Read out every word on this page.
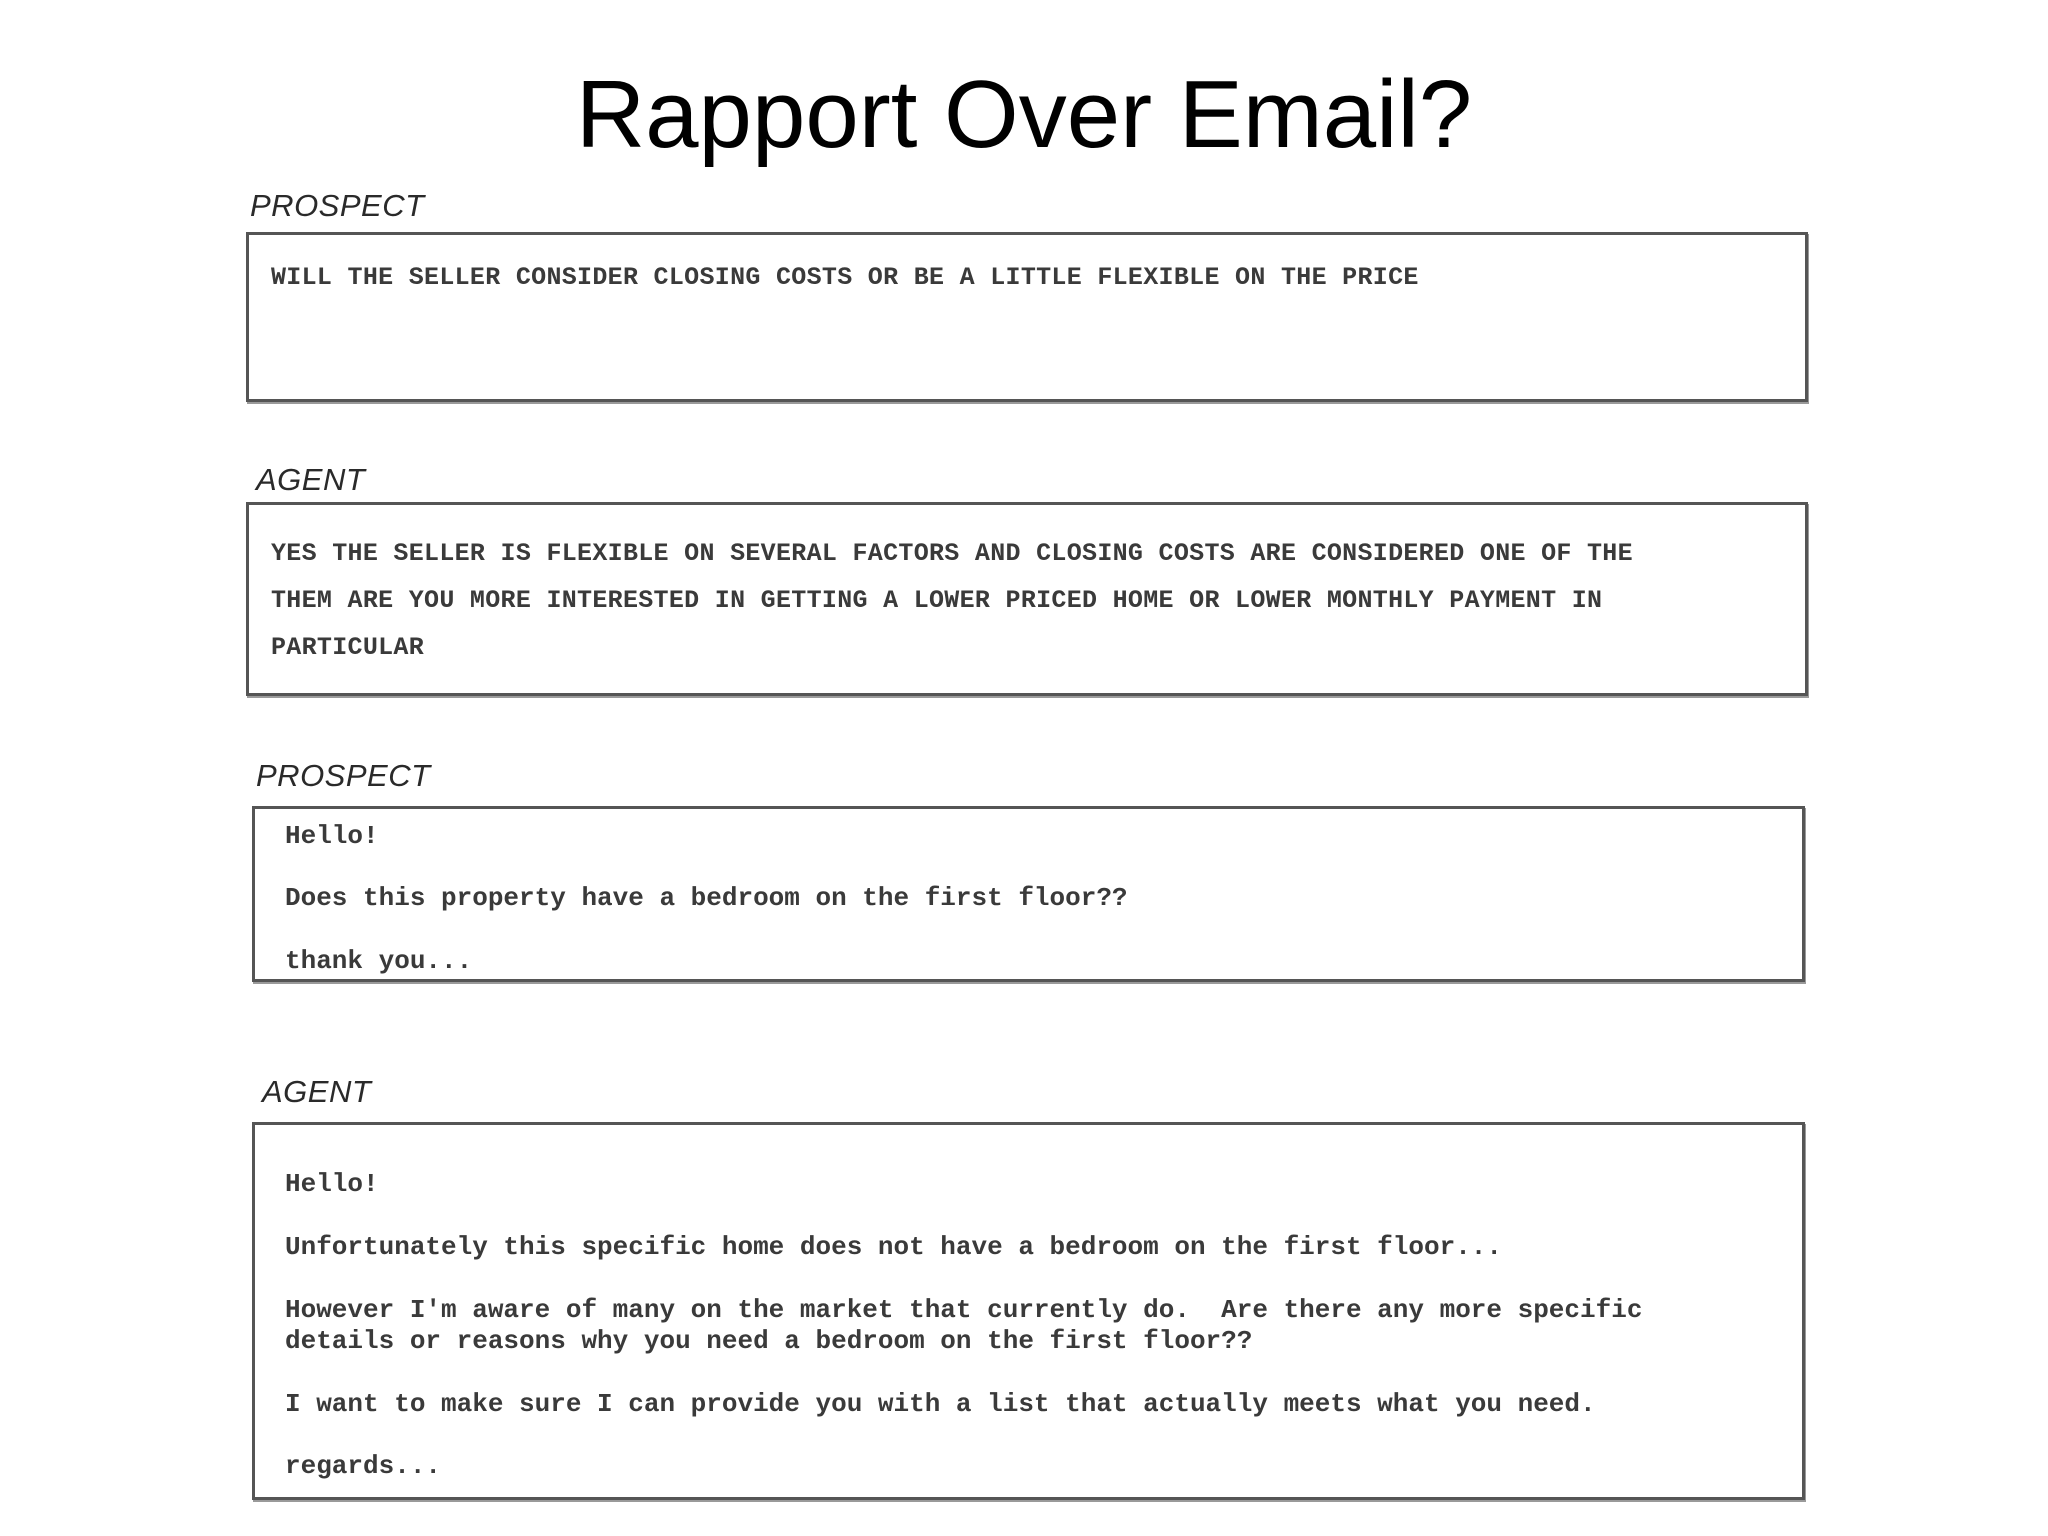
Rapport Over Email?
PROSPECT
WILL THE SELLER CONSIDER CLOSING COSTS OR BE A LITTLE FLEXIBLE ON THE PRICE
AGENT
YES THE SELLER IS FLEXIBLE ON SEVERAL FACTORS AND CLOSING COSTS ARE CONSIDERED ONE OF THE
THEM ARE YOU MORE INTERESTED IN GETTING A LOWER PRICED HOME OR LOWER MONTHLY PAYMENT IN
PARTICULAR
PROSPECT

Hello!

Does this property have a bedroom on the first floor??

thank you...

AGENT

Hello!

Unfortunately this specific home does not have a bedroom on the first floor...

However I'm aware of many on the market that currently do.  Are there any more specific
details or reasons why you need a bedroom on the first floor??

I want to make sure I can provide you with a list that actually meets what you need.

regards...
